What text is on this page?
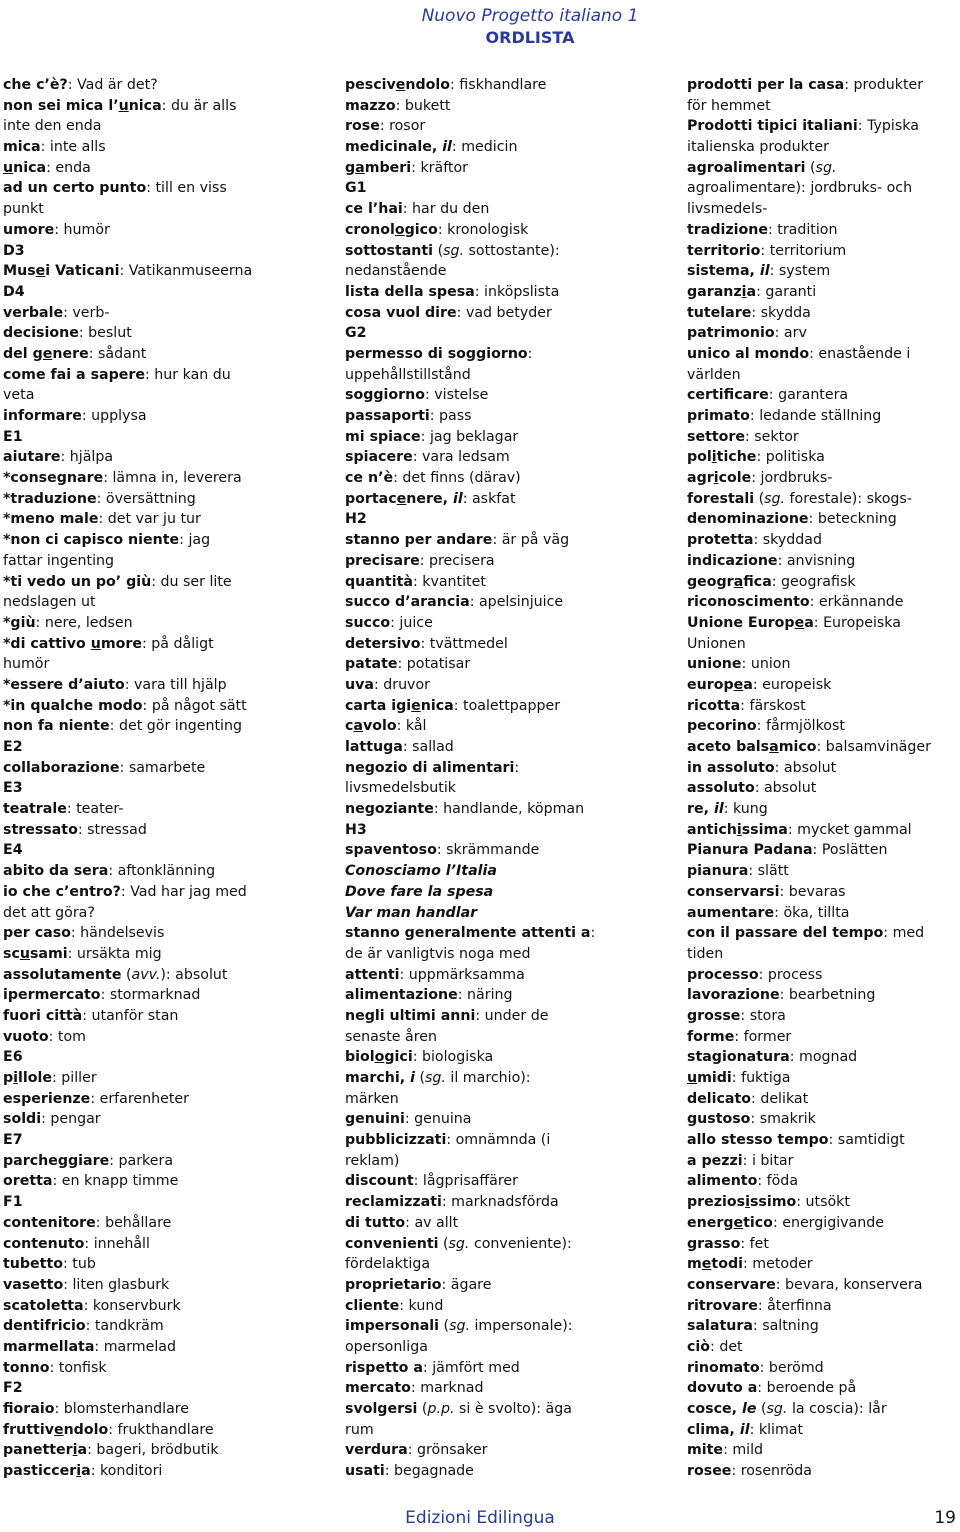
Nuovo Progetto italiano 1
ORDLISTA
che c’è?: Vad är det?
non sei mica l’unica: du är alls
inte den enda
mica: inte alls
unica: enda
ad un certo punto: till en viss
punkt
umore: humör
D3
Musei Vaticani: Vatikanmuseerna
D4
verbale: verb-
decisione: beslut
del genere: sådant
come fai a sapere: hur kan du
veta
informare: upplysa
E1
aiutare: hjälpa
*consegnare: lämna in, leverera
*traduzione: översättning
*meno male: det var ju tur
*non ci capisco niente: jag
fattar ingenting
*ti vedo un po’ giù: du ser lite
nedslagen ut
*giù: nere, ledsen
*di cattivo umore: på dåligt
humör
*essere d’aiuto: vara till hjälp
*in qualche modo: på något sätt
non fa niente: det gör ingenting
E2
collaborazione: samarbete
E3
teatrale: teater-
stressato: stressad
E4
abito da sera: aftonklänning
io che c’entro?: Vad har jag med
det att göra?
per caso: händelsevis
scusami: ursäkta mig
assolutamente (avv.): absolut
ipermercato: stormarknad
fuori città: utanför stan
vuoto: tom
E6
pillole: piller
esperienze: erfarenheter
soldi: pengar
E7
parcheggiare: parkera
oretta: en knapp timme
F1
contenitore: behållare
contenuto: innehåll
tubetto: tub
vasetto: liten glasburk
scatoletta: konservburk
dentifricio: tandkräm
marmellata: marmelad
tonno: tonfisk
F2
fioraio: blomsterhandlare
fruttivendolo: frukthandlare
panetteria: bageri, brödbutik
pasticceria: konditori
pescivendolo: fiskhandlare
mazzo: bukett
rose: rosor
medicinale, il: medicin
gamberi: kräftor
G1
ce l’hai: har du den
cronologico: kronologisk
sottostanti (sg. sottostante):
nedanstående
lista della spesa: inköpslista
cosa vuol dire: vad betyder
G2
permesso di soggiorno:
uppehållstillstånd
soggiorno: vistelse
passaporti: pass
mi spiace: jag beklagar
spiacere: vara ledsam
ce n’è: det finns (därav)
portacenere, il: askfat
H2
stanno per andare: är på väg
precisare: precisera
quantità: kvantitet
succo d’arancia: apelsinjuice
succo: juice
detersivo: tvättmedel
patate: potatisar
uva: druvor
carta igienica: toalettpapper
cavolo: kål
lattuga: sallad
negozio di alimentari:
livsmedelsbutik
negoziante: handlande, köpman
H3
spaventoso: skrämmande
Conosciamo l’Italia
Dove fare la spesa
Var man handlar
stanno generalmente attenti a:
de är vanligtvis noga med
attenti: uppmärksamma
alimentazione: näring
negli ultimi anni: under de
senaste åren
biologici: biologiska
marchi, i (sg. il marchio):
märken
genuini: genuina
pubblicizzati: omnämnda (i
reklam)
discount: lågprisaffärer
reclamizzati: marknadsförda
di tutto: av allt
convenienti (sg. conveniente):
fördelaktiga
proprietario: ägare
cliente: kund
impersonali (sg. impersonale):
opersonliga
rispetto a: jämfört med
mercato: marknad
svolgersi (p.p. si è svolto): äga
rum
verdura: grönsaker
usati: begagnade
prodotti per la casa: produkter
för hemmet
Prodotti tipici italiani: Typiska
italienska produkter
agroalimentari (sg.
agroalimentare): jordbruks- och
livsmedels-
tradizione: tradition
territorio: territorium
sistema, il: system
garanzia: garanti
tutelare: skydda
patrimonio: arv
unico al mondo: enastående i
världen
certificare: garantera
primato: ledande ställning
settore: sektor
politiche: politiska
agricole: jordbruks-
forestali (sg. forestale): skogs-
denominazione: beteckning
protetta: skyddad
indicazione: anvisning
geografica: geografisk
riconoscimento: erkännande
Unione Europea: Europeiska
Unionen
unione: union
europea: europeisk
ricotta: färskost
pecorino: fårmjölkost
aceto balsamico: balsamvinäger
in assoluto: absolut
assoluto: absolut
re, il: kung
antichissima: mycket gammal
Pianura Padana: Poslätten
pianura: slätt
conservarsi: bevaras
aumentare: öka, tillta
con il passare del tempo: med
tiden
processo: process
lavorazione: bearbetning
grosse: stora
forme: former
stagionatura: mognad
umidi: fuktiga
delicato: delikat
gustoso: smakrik
allo stesso tempo: samtidigt
a pezzi: i bitar
alimento: föda
preziosissimo: utsökt
energetico: energigivande
grasso: fet
metodi: metoder
conservare: bevara, konservera
ritrovare: återfinna
salatura: saltning
ciò: det
rinomato: berömd
dovuto a: beroende på
cosce, le (sg. la coscia): lår
clima, il: klimat
mite: mild
rosee: rosenröda
Edizioni Edilingua	19
